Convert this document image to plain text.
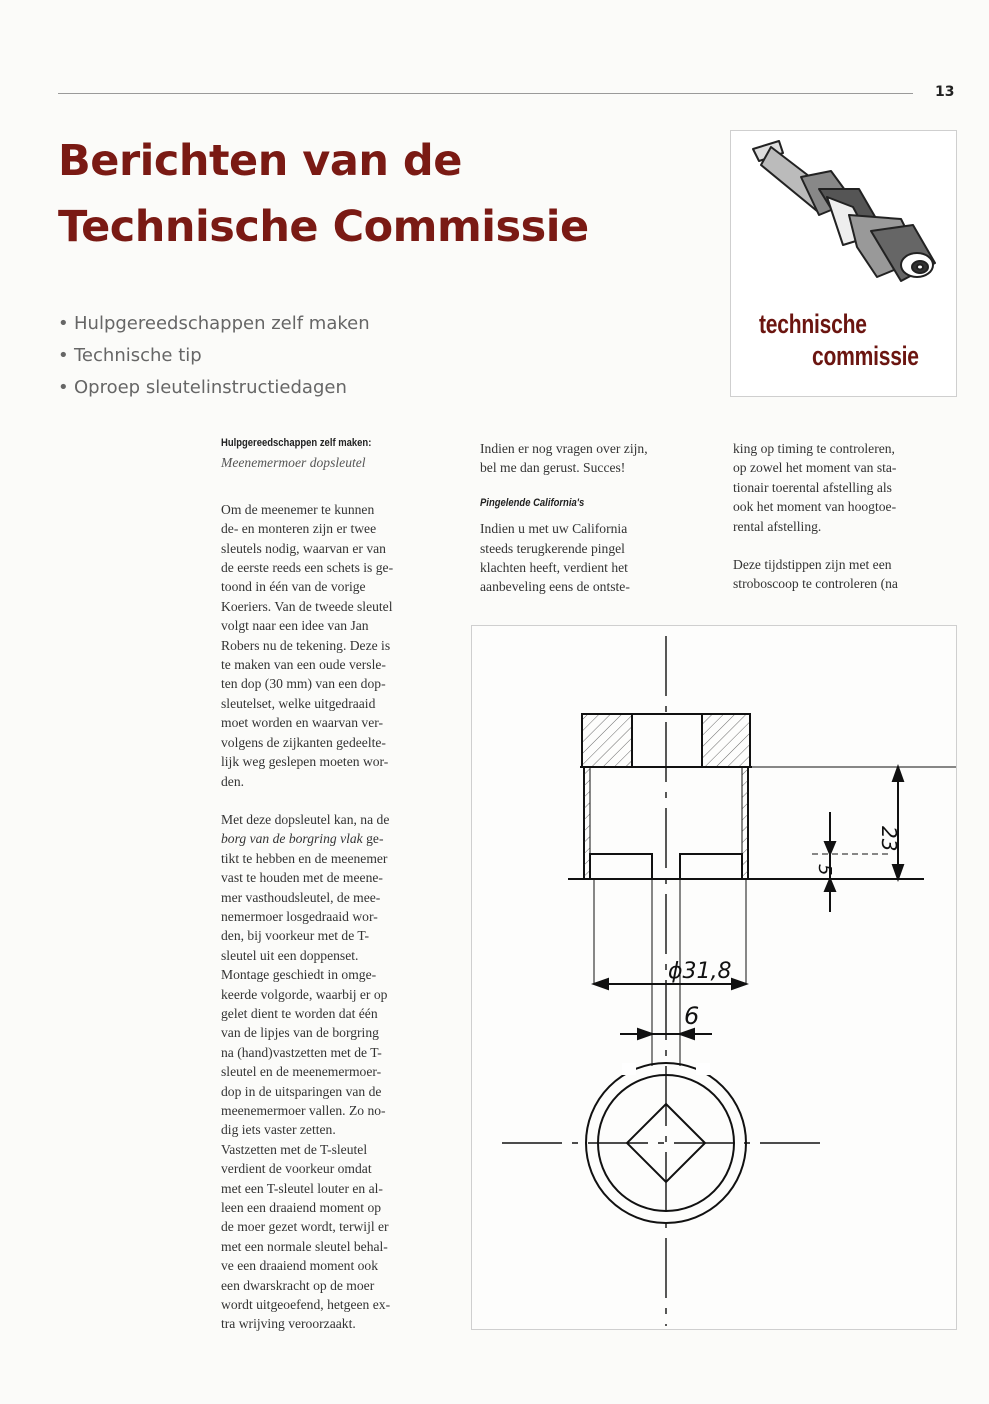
13
Berichten van de
Technische Commissie
• Hulpgereedschappen zelf maken
• Technische tip
• Oproep sleutelinstructiedagen
technische
commissie

Hulpgereedschappen zelf maken:

Meenemermoer dopsleutel

Om de meenemer te kunnen
de- en monteren zijn er twee
sleutels nodig, waarvan er van
de eerste reeds een schets is ge-
toond in één van de vorige
Koeriers. Van de tweede sleutel
volgt naar een idee van Jan
Robers nu de tekening. Deze is
te maken van een oude versle-
ten dop (30 mm) van een dop-
sleutelset, welke uitgedraaid
moet worden en waarvan ver-
volgens de zijkanten gedeelte-
lijk weg geslepen moeten wor-
den.

Met deze dopsleutel kan, na de
borg van de borgring vlak ge-
tikt te hebben en de meenemer
vast te houden met de meene-
mer vasthoudsleutel, de mee-
nemermoer losgedraaid wor-
den, bij voorkeur met de T-
sleutel uit een doppenset.

Montage geschiedt in omge-
keerde volgorde, waarbij er op
gelet dient te worden dat één
van de lipjes van de borgring
na (hand)vastzetten met de T-
sleutel en de meenemermoer-
dop in de uitsparingen van de
meenemermoer vallen. Zo no-
dig iets vaster zetten.

Vastzetten met de T-sleutel
verdient de voorkeur omdat
met een T-sleutel louter en al-
leen een draaiend moment op
de moer gezet wordt, terwijl er
met een normale sleutel behal-
ve een draaiend moment ook
een dwarskracht op de moer
wordt uitgeoefend, hetgeen ex-
tra wrijving veroorzaakt.

Indien er nog vragen over zijn,
bel me dan gerust. Succes!

Pingelende California's

Indien u met uw California
steeds terugkerende pingel
klachten heeft, verdient het
aanbeveling eens de ontste-

king op timing te controleren,
op zowel het moment van sta-
tionair toerental afstelling als
ook het moment van hoogtoe-
rental afstelling.

Deze tijdstippen zijn met een
stroboscoop te controleren (na

23
5
ϕ31,8
6
